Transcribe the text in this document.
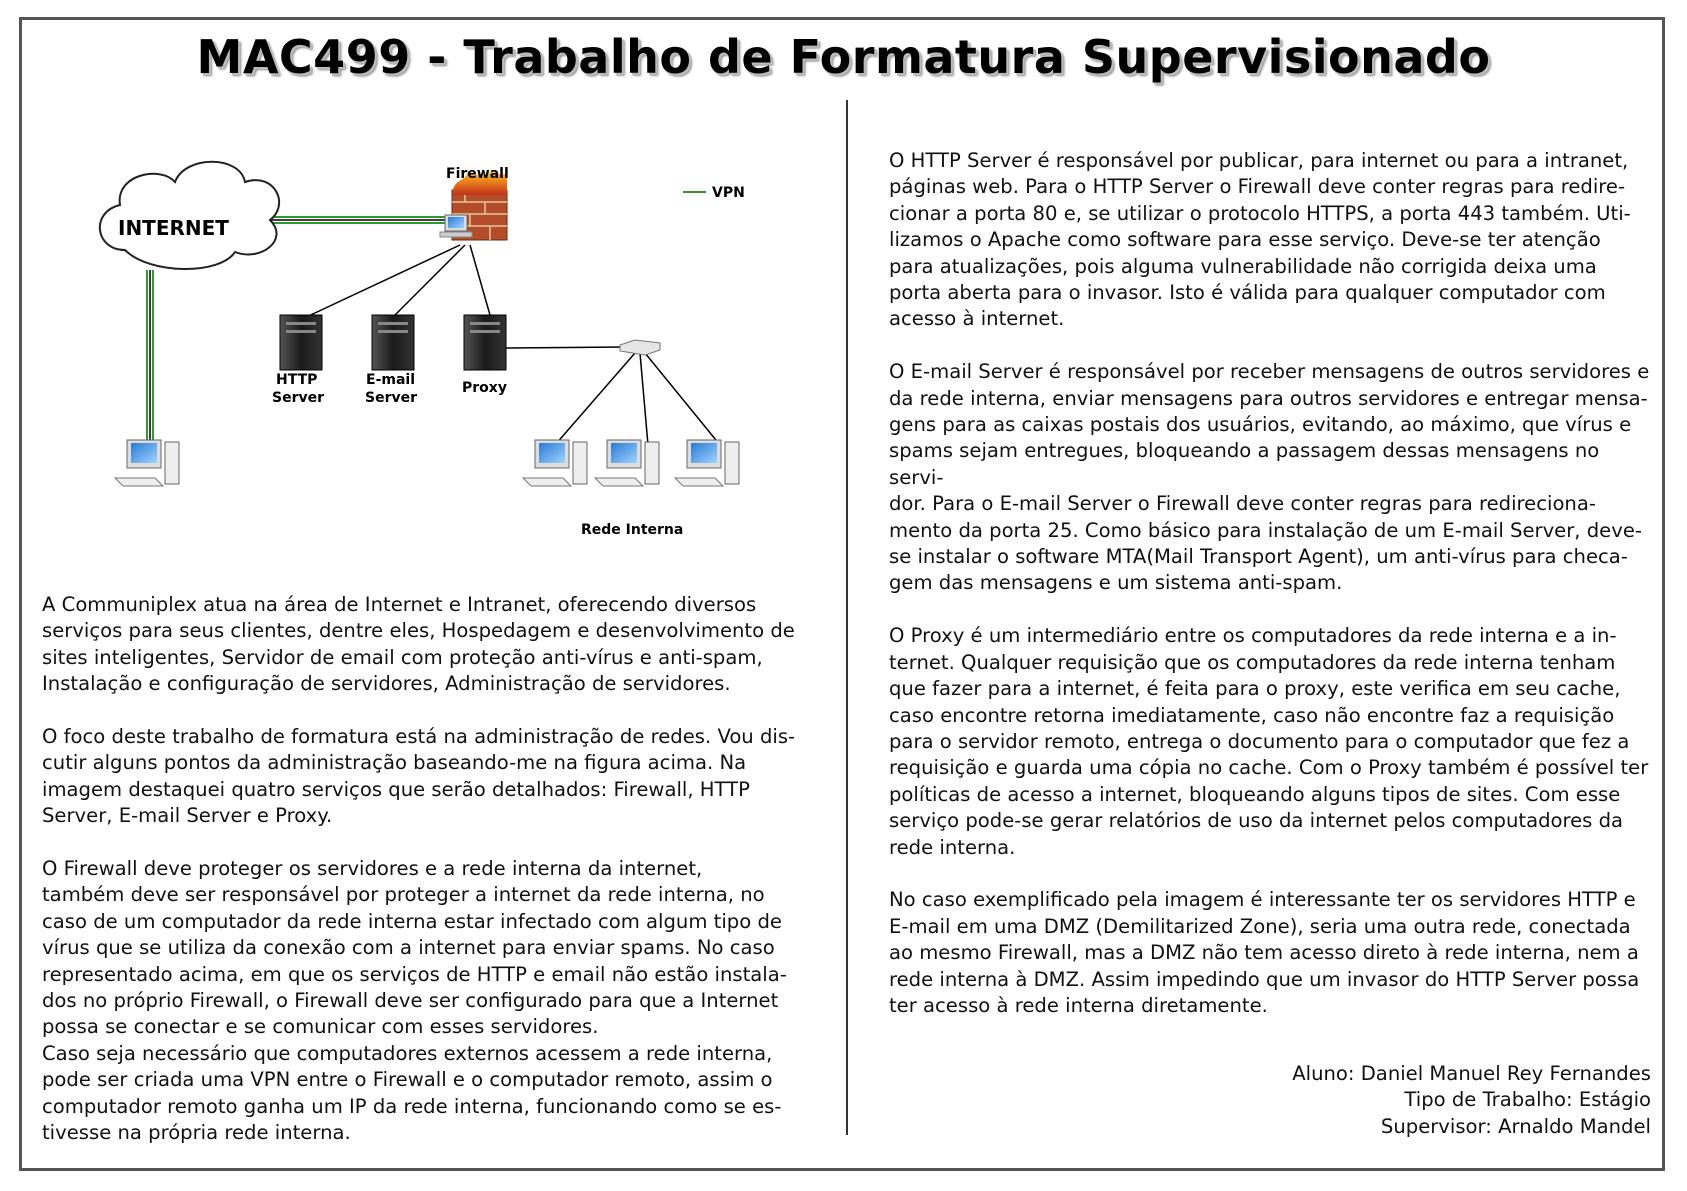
MAC499 - Trabalho de Formatura Supervisionado
INTERNET
Firewall
VPN
HTTP
Server
E-mail
Server
Proxy
Rede Interna

A Communiplex atua na área de Internet e Intranet, oferecendo diversos
serviços para seus clientes, dentre eles, Hospedagem e desenvolvimento de
sites inteligentes, Servidor de email com proteção anti-vírus e anti-spam,
Instalação e configuração de servidores, Administração de servidores.

O foco deste trabalho de formatura está na administração de redes. Vou dis-
cutir alguns pontos da administração baseando-me na figura acima. Na
imagem destaquei quatro serviços que serão detalhados: Firewall, HTTP
Server, E-mail Server e Proxy.

O Firewall deve proteger os servidores e a rede interna da internet,
também deve ser responsável por proteger a internet da rede interna, no
caso de um computador da rede interna estar infectado com algum tipo de
vírus que se utiliza da conexão com a internet para enviar spams. No caso
representado acima, em que os serviços de HTTP e email não estão instala-
dos no próprio Firewall, o Firewall deve ser configurado para que a Internet
possa se conectar e se comunicar com esses servidores.

Caso seja necessário que computadores externos acessem a rede interna,
pode ser criada uma VPN entre o Firewall e o computador remoto, assim o
computador remoto ganha um IP da rede interna, funcionando como se es-
tivesse na própria rede interna.

O HTTP Server é responsável por publicar, para internet ou para a intranet,
páginas web. Para o HTTP Server o Firewall deve conter regras para redire-
cionar a porta 80 e, se utilizar o protocolo HTTPS, a porta 443 também. Uti-
lizamos o Apache como software para esse serviço. Deve-se ter atenção
para atualizações, pois alguma vulnerabilidade não corrigida deixa uma
porta aberta para o invasor. Isto é válida para qualquer computador com
acesso à internet.

O E-mail Server é responsável por receber mensagens de outros servidores e
da rede interna, enviar mensagens para outros servidores e entregar mensa-
gens para as caixas postais dos usuários, evitando, ao máximo, que vírus e
spams sejam entregues, bloqueando a passagem dessas mensagens no servi-
dor. Para o E-mail Server o Firewall deve conter regras para redireciona-
mento da porta 25. Como básico para instalação de um E-mail Server, deve-
se instalar o software MTA(Mail Transport Agent), um anti-vírus para checa-
gem das mensagens e um sistema anti-spam.

O Proxy é um intermediário entre os computadores da rede interna e a in-
ternet. Qualquer requisição que os computadores da rede interna tenham
que fazer para a internet, é feita para o proxy, este verifica em seu cache,
caso encontre retorna imediatamente, caso não encontre faz a requisição
para o servidor remoto, entrega o documento para o computador que fez a
requisição e guarda uma cópia no cache. Com o Proxy também é possível ter
políticas de acesso a internet, bloqueando alguns tipos de sites. Com esse
serviço pode-se gerar relatórios de uso da internet pelos computadores da
rede interna.

No caso exemplificado pela imagem é interessante ter os servidores HTTP e
E-mail em uma DMZ (Demilitarized Zone), seria uma outra rede, conectada
ao mesmo Firewall, mas a DMZ não tem acesso direto à rede interna, nem a
rede interna à DMZ. Assim impedindo que um invasor do HTTP Server possa
ter acesso à rede interna diretamente.

Aluno: Daniel Manuel Rey Fernandes
Tipo de Trabalho: Estágio
Supervisor: Arnaldo Mandel
